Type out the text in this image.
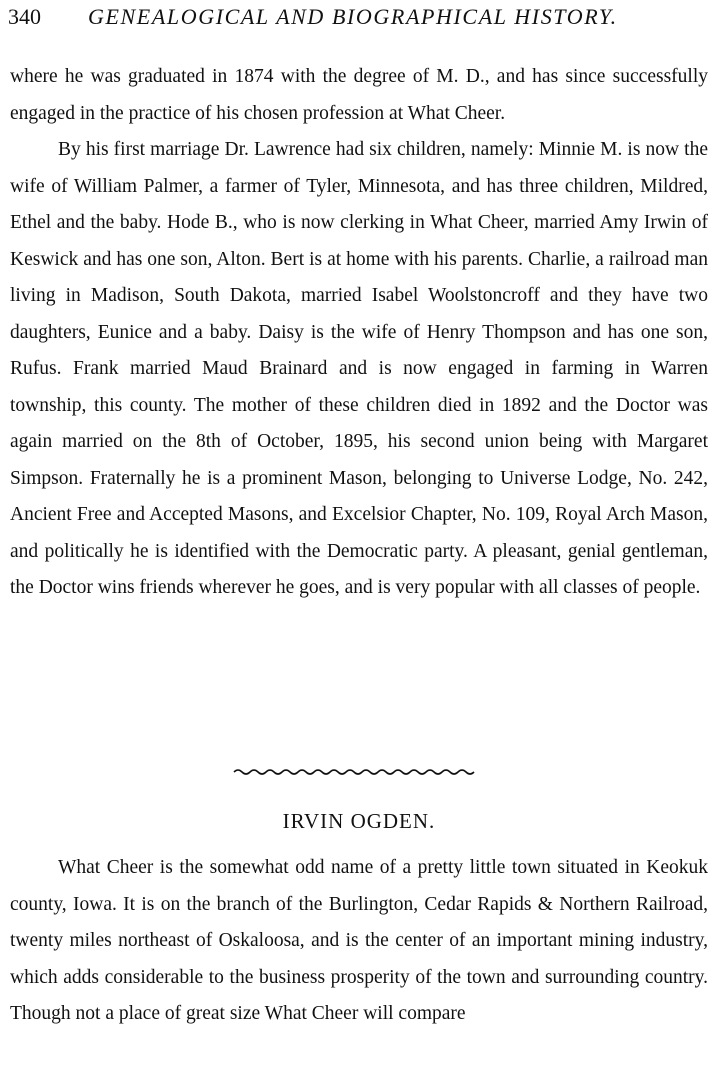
340 GENEALOGICAL AND BIOGRAPHICAL HISTORY.

where he was graduated in 1874 with the degree of M. D., and has since successfully engaged in the practice of his chosen profession at What Cheer.

By his first marriage Dr. Lawrence had six children, namely: Minnie M. is now the wife of William Palmer, a farmer of Tyler, Minnesota, and has three children, Mildred, Ethel and the baby. Hode B., who is now clerking in What Cheer, married Amy Irwin of Keswick and has one son, Alton. Bert is at home with his parents. Charlie, a railroad man living in Madison, South Dakota, married Isabel Woolstoncroff and they have two daughters, Eunice and a baby. Daisy is the wife of Henry Thompson and has one son, Rufus. Frank married Maud Brainard and is now engaged in farming in Warren township, this county. The mother of these children died in 1892 and the Doctor was again married on the 8th of October, 1895, his second union being with Margaret Simpson. Fraternally he is a prominent Mason, belonging to Universe Lodge, No. 242, Ancient Free and Accepted Masons, and Excelsior Chapter, No. 109, Royal Arch Mason, and politically he is identified with the Democratic party. A pleasant, genial gentleman, the Doctor wins friends wherever he goes, and is very popular with all classes of people.

IRVIN OGDEN.

What Cheer is the somewhat odd name of a pretty little town situated in Keokuk county, Iowa. It is on the branch of the Burlington, Cedar Rapids & Northern Railroad, twenty miles northeast of Oskaloosa, and is the center of an important mining industry, which adds considerable to the business prosperity of the town and surrounding country. Though not a place of great size What Cheer will compare
